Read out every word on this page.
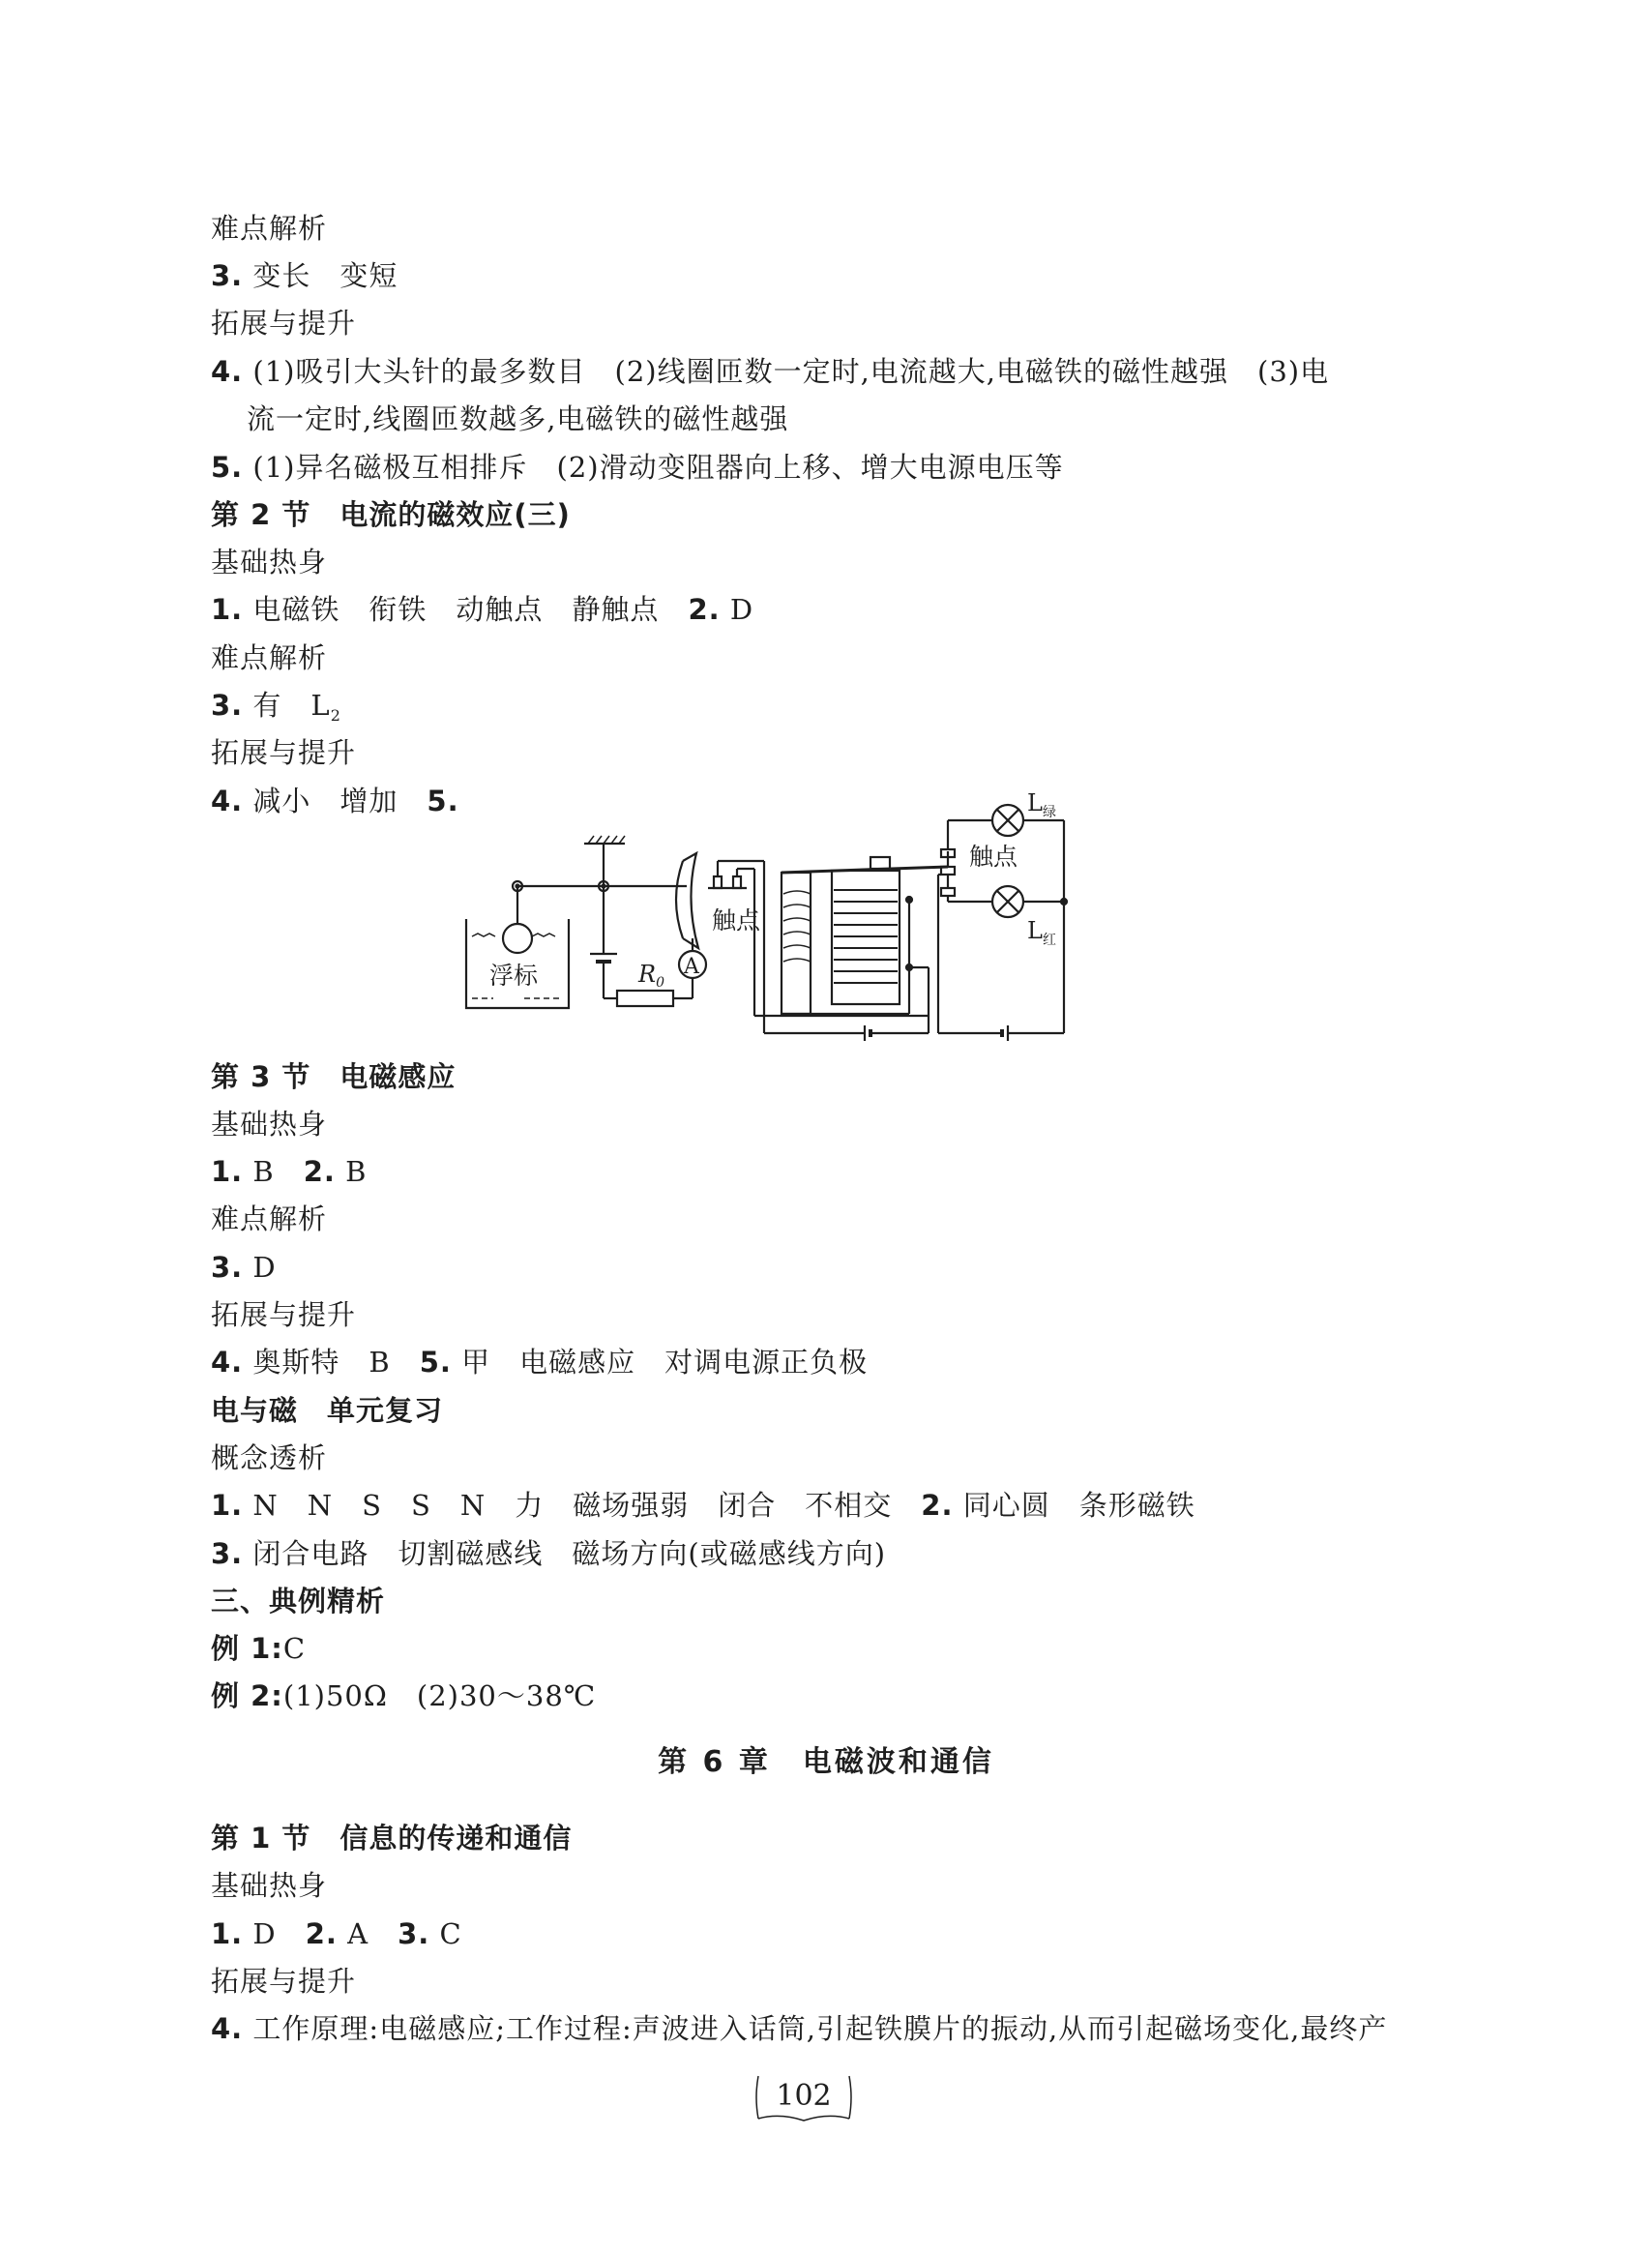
难点解析
3. 变长　变短
拓展与提升
4. (1)吸引大头针的最多数目　(2)线圈匝数一定时,电流越大,电磁铁的磁性越强　(3)电
流一定时,线圈匝数越多,电磁铁的磁性越强
5. (1)异名磁极互相排斥　(2)滑动变阻器向上移、增大电源电压等
第 2 节　电流的磁效应(三)
基础热身
1. 电磁铁　衔铁　动触点　静触点　2. D
难点解析
3. 有　$L_2$
拓展与提升
4. 减小　增加　5.
浮标	$R_0$
A
触点
触点
$L_绿$
$L_红$
第 3 节　电磁感应
基础热身
1. B　2. B
难点解析
3. D
拓展与提升
4. 奥斯特　B　5. 甲　电磁感应　对调电源正负极
电与磁　单元复习
概念透析
1. N　N　S　S　N　力　磁场强弱　闭合　不相交　2. 同心圆　条形磁铁
3. 闭合电路　切割磁感线　磁场方向(或磁感线方向)
三、典例精析
例 1:C
例 2:(1)50Ω　(2)30～38℃
第 6 章　电磁波和通信
第 1 节　信息的传递和通信
基础热身
1. D　2. A　3. C
拓展与提升
4. 工作原理:电磁感应;工作过程:声波进入话筒,引起铁膜片的振动,从而引起磁场变化,最终产
102
